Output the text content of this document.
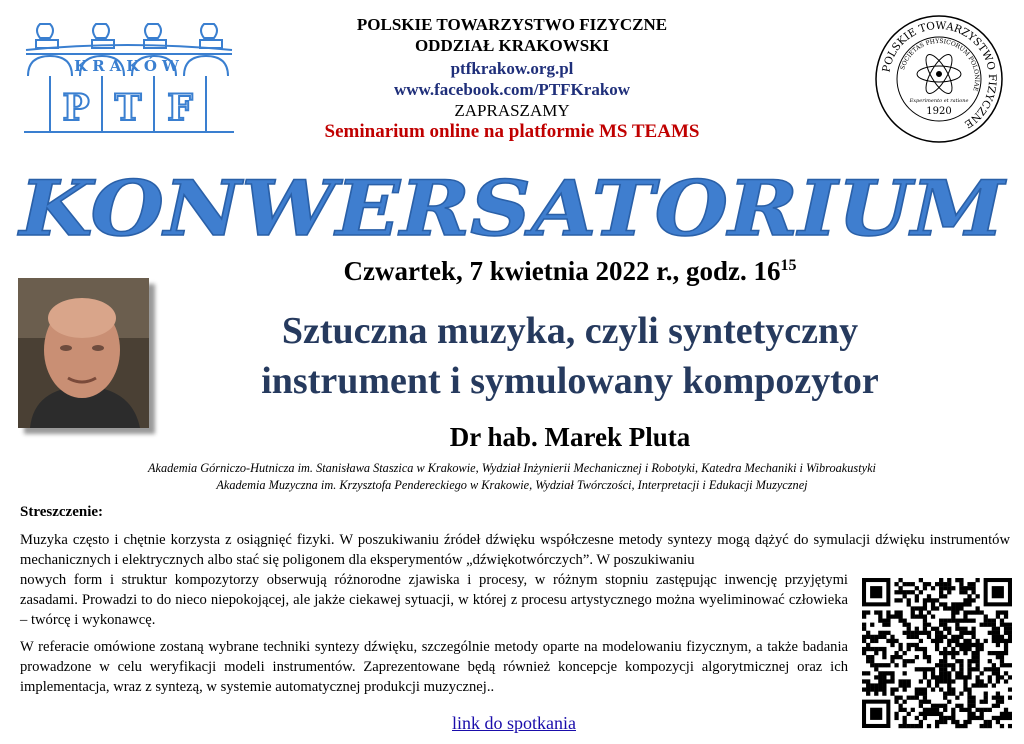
KRAKÓW
P T F
POLSKIE TOWARZYSTWO FIZYCZNE
ODDZIAŁ KRAKOWSKI
ptfkrakow.org.pl
www.facebook.com/PTFKrakow
ZAPRASZAMY
Seminarium online na platformie MS TEAMS
POLSKIE TOWARZYSTWO FIZYCZNE
SOCIETAS PHYSICORUM POLONIAE
Experimento et ratione
1920
KONWERSATORIUM
Czwartek, 7 kwietnia 2022 r., godz. $16^{15}$
Sztuczna muzyka, czyli syntetyczny
instrument i symulowany kompozytor
Dr hab. Marek Pluta
Akademia Górniczo-Hutnicza im. Stanisława Staszica w Krakowie, Wydział Inżynierii Mechanicznej i Robotyki, Katedra Mechaniki i Wibroakustyki
Akademia Muzyczna im. Krzysztofa Pendereckiego w Krakowie, Wydział Twórczości, Interpretacji i Edukacji Muzycznej
Streszczenie:
Muzyka często i chętnie korzysta z osiągnięć fizyki. W poszukiwaniu źródeł dźwięku współczesne metody syntezy mogą dążyć do symulacji dźwięku instrumentów mechanicznych i elektrycznych albo stać się poligonem dla eksperymentów „dźwiękotwórczych”. W poszukiwaniu
nowych form i struktur kompozytorzy obserwują różnorodne zjawiska i procesy, w różnym stopniu zastępując inwencję przyjętymi zasadami. Prowadzi to do nieco niepokojącej, ale jakże ciekawej sytuacji, w której z procesu artystycznego można wyeliminować człowieka – twórcę i wykonawcę.
W referacie omówione zostaną wybrane techniki syntezy dźwięku, szczególnie metody oparte na modelowaniu fizycznym, a także badania prowadzone w celu weryfikacji modeli instrumentów. Zaprezentowane będą również koncepcje kompozycji algorytmicznej oraz ich implementacja, wraz z syntezą, w systemie automatycznej produkcji muzycznej..
link do spotkania
